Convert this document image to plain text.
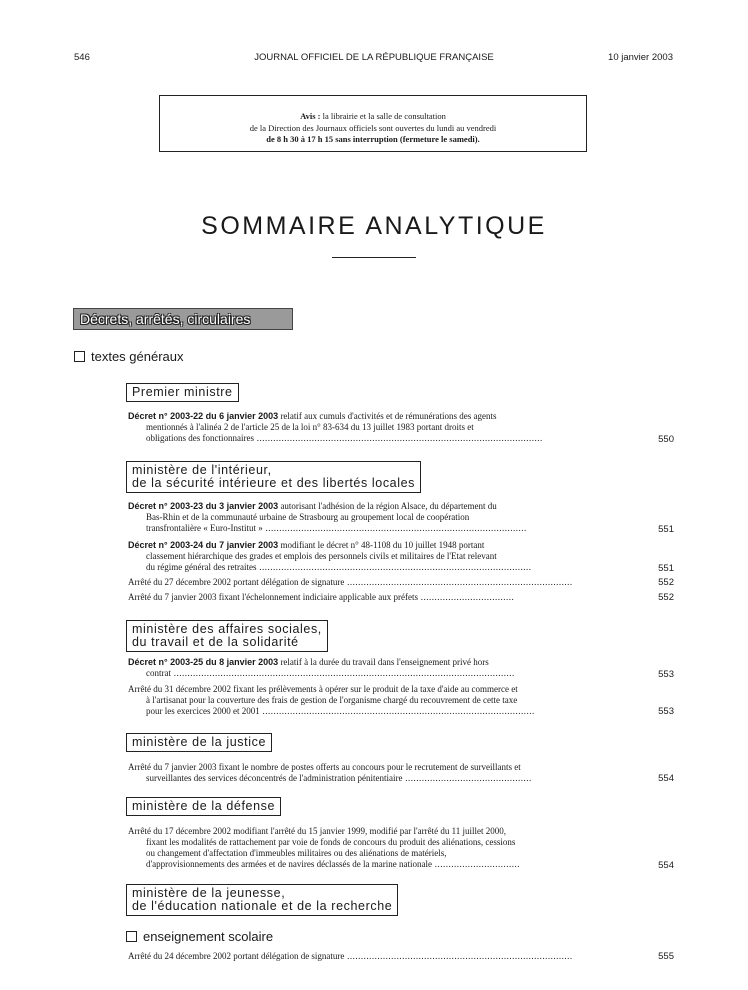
546	JOURNAL OFFICIEL DE LA RÉPUBLIQUE FRANÇAISE	10 janvier 2003
Avis : la librairie et la salle de consultation
de la Direction des Journaux officiels sont ouvertes du lundi au vendredi
de 8 h 30 à 17 h 15 sans interruption (fermeture le samedi).
SOMMAIRE ANALYTIQUE
Décrets, arrêtés, circulaires
textes généraux
Premier ministre
Décret n° 2003-22 du 6 janvier 2003 relatif aux cumuls d'activités et de rémunérations des agents
mentionnés à l'alinéa 2 de l'article 25 de la loi n° 83-634 du 13 juillet 1983 portant droits et
obligations des fonctionnaires ........................................................................................................	550
ministère de l'intérieur,
de la sécurité intérieure et des libertés locales
Décret n° 2003-23 du 3 janvier 2003 autorisant l'adhésion de la région Alsace, du département du
Bas-Rhin et de la communauté urbaine de Strasbourg au groupement local de coopération
transfrontalière « Euro-Institut » ...............................................................................................	551
Décret n° 2003-24 du 7 janvier 2003 modifiant le décret n° 48-1108 du 10 juillet 1948 portant
classement hiérarchique des grades et emplois des personnels civils et militaires de l'Etat relevant
du régime général des retraites ...................................................................................................	551
Arrêté du 27 décembre 2002 portant délégation de signature ..................................................................................	552
Arrêté du 7 janvier 2003 fixant l'échelonnement indiciaire applicable aux préfets ..................................	552
ministère des affaires sociales,
du travail et de la solidarité
Décret n° 2003-25 du 8 janvier 2003 relatif à la durée du travail dans l'enseignement privé hors
contrat ............................................................................................................................	553
Arrêté du 31 décembre 2002 fixant les prélèvements à opérer sur le produit de la taxe d'aide au commerce et
à l'artisanat pour la couverture des frais de gestion de l'organisme chargé du recouvrement de cette taxe
pour les exercices 2000 et 2001 ...................................................................................................	553
ministère de la justice
Arrêté du 7 janvier 2003 fixant le nombre de postes offerts au concours pour le recrutement de surveillants et
surveillantes des services déconcentrés de l'administration pénitentiaire ..............................................	554
ministère de la défense
Arrêté du 17 décembre 2002 modifiant l'arrêté du 15 janvier 1999, modifié par l'arrêté du 11 juillet 2000,
fixant les modalités de rattachement par voie de fonds de concours du produit des aliénations, cessions
ou changement d'affectation d'immeubles militaires ou des aliénations de matériels,
d'approvisionnements des armées et de navires déclassés de la marine nationale ...............................	554
ministère de la jeunesse,
de l'éducation nationale et de la recherche
enseignement scolaire
Arrêté du 24 décembre 2002 portant délégation de signature ..................................................................................	555
